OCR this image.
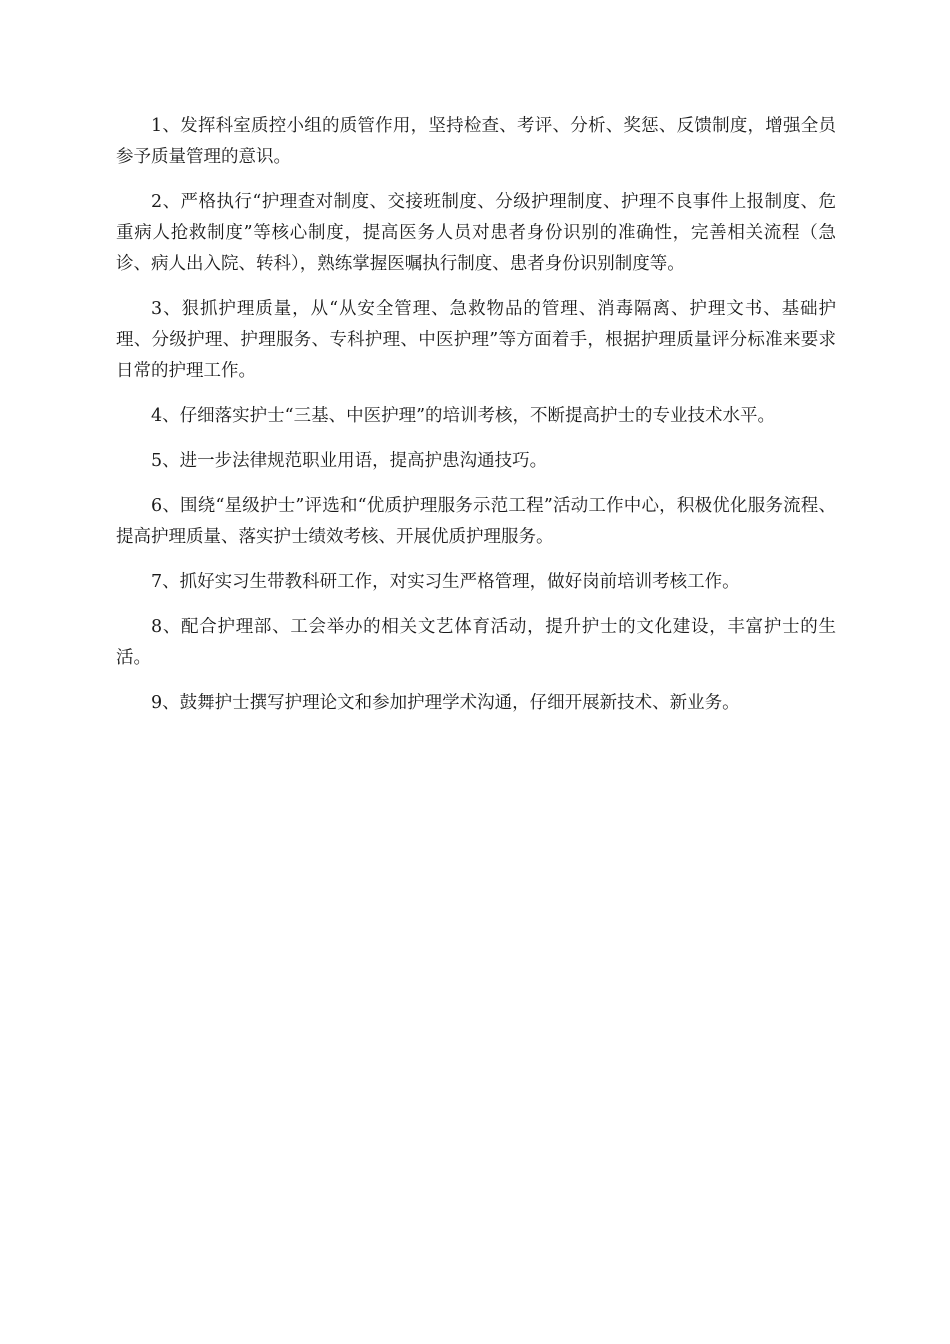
1、发挥科室质控小组的质管作用，坚持检查、考评、分析、奖惩、反馈制度，增强全员参予质量管理的意识。

2、严格执行“护理查对制度、交接班制度、分级护理制度、护理不良事件上报制度、危重病人抢救制度”等核心制度，提高医务人员对患者身份识别的准确性，完善相关流程（急诊、病人出入院、转科），熟练掌握医嘱执行制度、患者身份识别制度等。

3、狠抓护理质量，从“从安全管理、急救物品的管理、消毒隔离、护理文书、基础护理、分级护理、护理服务、专科护理、中医护理”等方面着手，根据护理质量评分标准来要求日常的护理工作。

4、仔细落实护士“三基、中医护理”的培训考核，不断提高护士的专业技术水平。

5、进一步法律规范职业用语，提高护患沟通技巧。

6、围绕“星级护士”评选和“优质护理服务示范工程”活动工作中心，积极优化服务流程、提高护理质量、落实护士绩效考核、开展优质护理服务。

7、抓好实习生带教科研工作，对实习生严格管理，做好岗前培训考核工作。

8、配合护理部、工会举办的相关文艺体育活动，提升护士的文化建设，丰富护士的生活。

9、鼓舞护士撰写护理论文和参加护理学术沟通，仔细开展新技术、新业务。
